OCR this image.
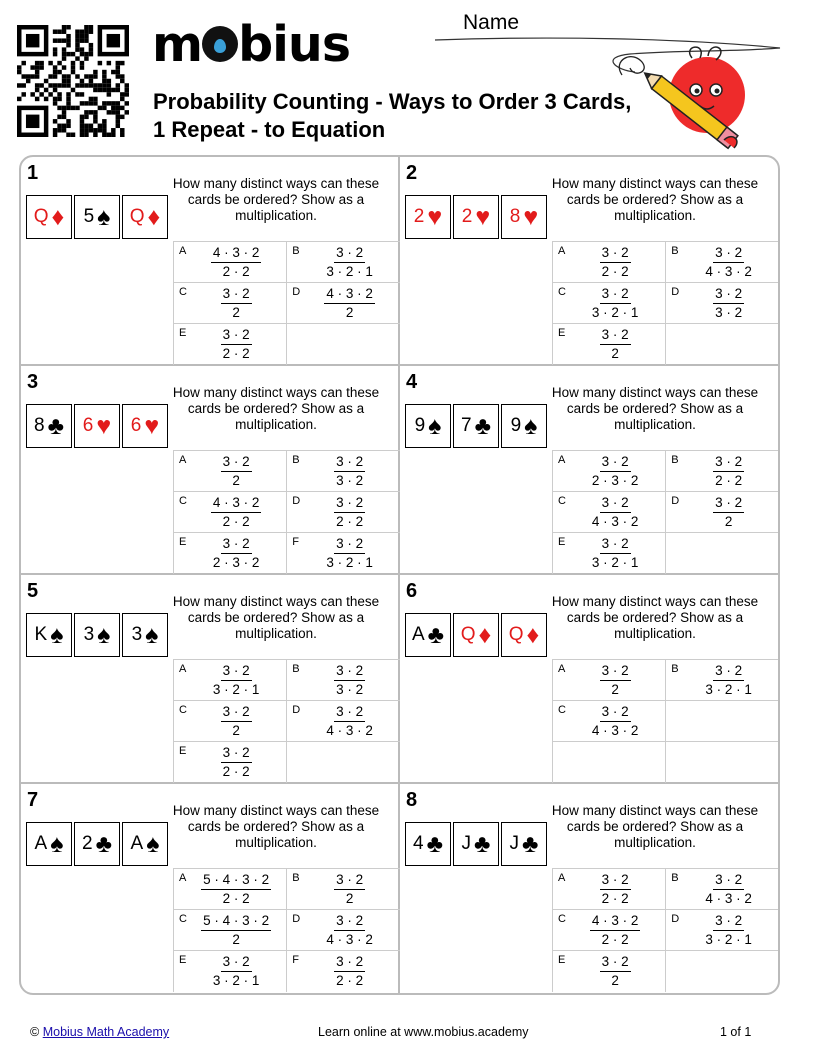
m bius
Probability Counting - Ways to Order 3 Cards, 1 Repeat - to Equation
Name
1
Q ♦ 5 ♠ Q ♦
How many distinct ways can these cards be ordered? Show as a multiplication.
A $\frac{4 \cdot 3 \cdot 2}{2 \cdot 2}$	B $\frac{3 \cdot 2}{3 \cdot 2 \cdot 1}$

C $\frac{3 \cdot 2}{2}$	D $\frac{4 \cdot 3 \cdot 2}{2}$

E $\frac{3 \cdot 2}{2 \cdot 2}$

2
2 ♥ 2 ♥ 8 ♥
How many distinct ways can these cards be ordered? Show as a multiplication.
A $\frac{3 \cdot 2}{2 \cdot 2}$	B $\frac{3 \cdot 2}{4 \cdot 3 \cdot 2}$

C $\frac{3 \cdot 2}{3 \cdot 2 \cdot 1}$	D $\frac{3 \cdot 2}{3 \cdot 2}$

E $\frac{3 \cdot 2}{2}$

3
8 ♣ 6 ♥ 6 ♥
How many distinct ways can these cards be ordered? Show as a multiplication.
A $\frac{3 \cdot 2}{2}$	B $\frac{3 \cdot 2}{3 \cdot 2}$

C $\frac{4 \cdot 3 \cdot 2}{2 \cdot 2}$	D $\frac{3 \cdot 2}{2 \cdot 2}$

E $\frac{3 \cdot 2}{2 \cdot 3 \cdot 2}$	F $\frac{3 \cdot 2}{3 \cdot 2 \cdot 1}$
4
9 ♠ 7 ♣ 9 ♠
How many distinct ways can these cards be ordered? Show as a multiplication.
A $\frac{3 \cdot 2}{2 \cdot 3 \cdot 2}$	B $\frac{3 \cdot 2}{2 \cdot 2}$

C $\frac{3 \cdot 2}{4 \cdot 3 \cdot 2}$	D $\frac{3 \cdot 2}{2}$

E $\frac{3 \cdot 2}{3 \cdot 2 \cdot 1}$

5
K ♠ 3 ♠ 3 ♠
How many distinct ways can these cards be ordered? Show as a multiplication.
A $\frac{3 \cdot 2}{3 \cdot 2 \cdot 1}$	B $\frac{3 \cdot 2}{3 \cdot 2}$

C $\frac{3 \cdot 2}{2}$	D $\frac{3 \cdot 2}{4 \cdot 3 \cdot 2}$

E $\frac{3 \cdot 2}{2 \cdot 2}$

6
A ♣ Q ♦ Q ♦
How many distinct ways can these cards be ordered? Show as a multiplication.
A $\frac{3 \cdot 2}{2}$	B $\frac{3 \cdot 2}{3 \cdot 2 \cdot 1}$

C $\frac{3 \cdot 2}{4 \cdot 3 \cdot 2}$

7
A ♠ 2 ♣ A ♠
How many distinct ways can these cards be ordered? Show as a multiplication.
A $\frac{5 \cdot 4 \cdot 3 \cdot 2}{2 \cdot 2}$	B $\frac{3 \cdot 2}{2}$

C $\frac{5 \cdot 4 \cdot 3 \cdot 2}{2}$	D $\frac{3 \cdot 2}{4 \cdot 3 \cdot 2}$

E $\frac{3 \cdot 2}{3 \cdot 2 \cdot 1}$	F $\frac{3 \cdot 2}{2 \cdot 2}$
8
4 ♣ J ♣ J ♣
How many distinct ways can these cards be ordered? Show as a multiplication.
A $\frac{3 \cdot 2}{2 \cdot 2}$	B $\frac{3 \cdot 2}{4 \cdot 3 \cdot 2}$

C $\frac{4 \cdot 3 \cdot 2}{2 \cdot 2}$	D $\frac{3 \cdot 2}{3 \cdot 2 \cdot 1}$

E $\frac{3 \cdot 2}{2}$

© Mobius Math Academy	Learn online at www.mobius.academy	1 of 1
